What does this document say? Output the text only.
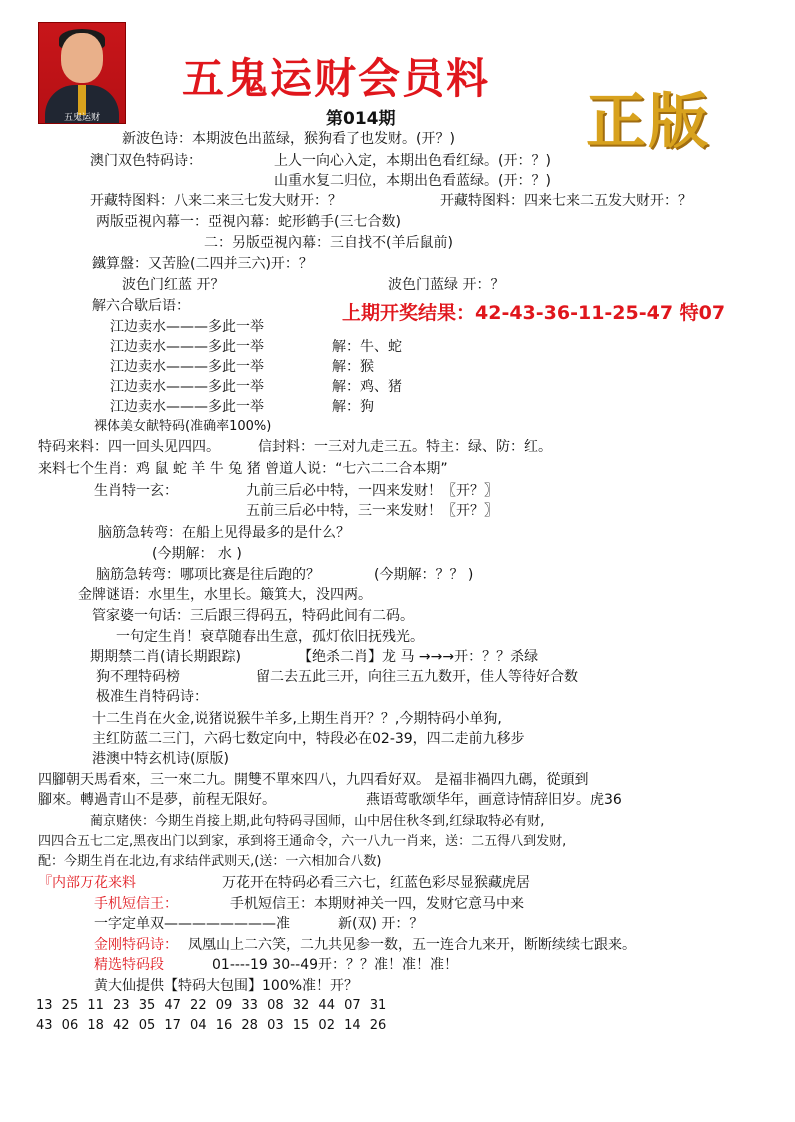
五鬼运财
五鬼运财会员料
正版
第014期
新波色诗：本期波色出蓝绿，猴狗看了也发财。(开？)
澳门双色特码诗：	上人一向心入定，本期出色看红绿。(开：？)
山重水复二归位，本期出色看蓝绿。(开：？)
开藏特图料：八来二来三七发大财开：？	开藏特图料：四来七来二五发大财开：？
两版亞視內幕一：亞視內幕：蛇形鹤手(三七合数)
二：另版亞視內幕：三自找不(羊后鼠前)
鐵算盤：又苦脸(二四并三六)开：？
波色门红蓝 开？	波色门蓝绿 开：？
解六合歇后语：	上期开奖结果：42-43-36-11-25-47 特07
江边卖水———多此一举
江边卖水———多此一举	解：牛、蛇
江边卖水———多此一举	解：猴
江边卖水———多此一举	解：鸡、猪
江边卖水———多此一举	解：狗
裸体美女献特码(准确率100%)
特码来料：四一回头见四四。	信封料：一三对九走三五。特主：绿、防：红。
来料七个生肖：鸡 鼠 蛇 羊 牛 兔 猪 曾道人说：“七六二二合本期”
生肖特一玄：	九前三后必中特，一四来发财！〖开？〗
五前三后必中特，三一来发财！〖开？〗
脑筋急转弯：在船上见得最多的是什么？
(今期解： 水 )
脑筋急转弯：哪项比赛是往后跑的？	(今期解：？？ )
金牌谜语：水里生，水里长。簸箕大，没四两。
管家婆一句话：三后跟三得码五，特码此间有二码。
一句定生肖！衰草随春出生意，孤灯依旧抚残光。
期期禁二肖(请长期跟踪)	【绝杀二肖】龙 马 →→→开：？？杀绿
狗不理特码榜	留二去五此三开，向往三五九数开，佳人等待好合数
极准生肖特码诗：
十二生肖在火金,说猪说猴牛羊多,上期生肖开？？,今期特码小单狗,
主红防蓝二三门，六码七数定向中，特段必在02-39，四二走前九移步
港澳中特玄机诗(原版)
四腳朝天馬看來，三一來二九。開雙不單來四八，九四看好双。 是福非禍四九碼，從頭到
腳來。轉過青山不是夢，前程无限好。	燕语莺歌颂华年，画意诗情辞旧岁。虎36
蔺京赌侠：今期生肖接上期,此句特码寻国师，山中居住秋冬到,红绿取特必有财,
四四合五七二定,黑夜出门以到家，承到将王通命令，六一八九一肖来，送：二五得八到发财,
配：今期生肖在北边,有求结伴武则天,(送：一六相加合八数)
『内部万花来料	万花开在特码必看三六七，红蓝色彩尽显猴藏虎居
手机短信王：	手机短信王：本期财神关一四，发财它意马中来
一字定单双————————准	新(双) 开：？
金刚特码诗： 凤凰山上二六笑，二九共见参一数，五一连合九来开，断断续续七跟来。
精选特码段	01----19 30--49开：？？准！准！准！
黄大仙提供【特码大包围】100%准！开？
13 25 11 23 35 47 22 09 33 08 32 44 07 31
43 06 18 42 05 17 04 16 28 03 15 02 14 26
